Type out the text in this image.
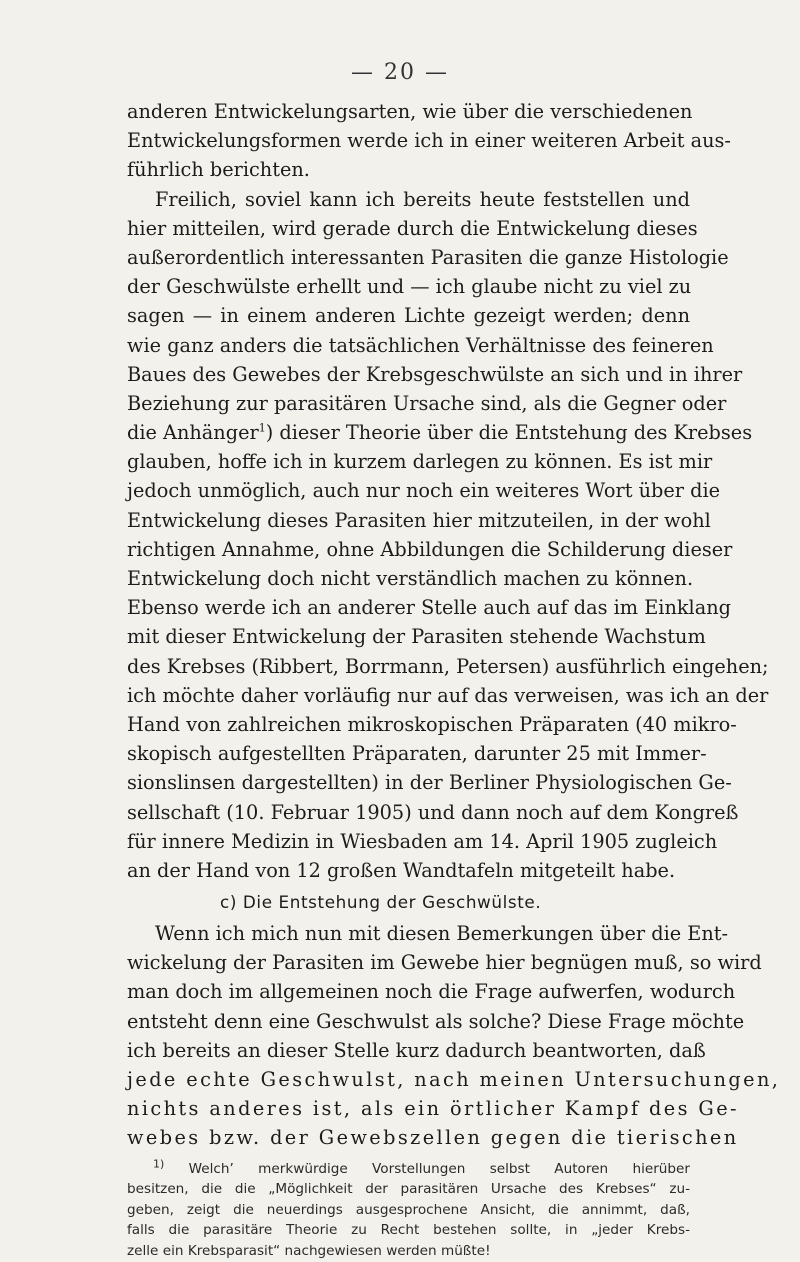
— 20 —
anderen Entwickelungsarten, wie über die verschiedenen
Entwickelungsformen werde ich in einer weiteren Arbeit aus-
führlich berichten.
Freilich, soviel kann ich bereits heute feststellen und
hier mitteilen, wird gerade durch die Entwickelung dieses
außerordentlich interessanten Parasiten die ganze Histologie
der Geschwülste erhellt und — ich glaube nicht zu viel zu
sagen — in einem anderen Lichte gezeigt werden; denn
wie ganz anders die tatsächlichen Verhältnisse des feineren
Baues des Gewebes der Krebsgeschwülste an sich und in ihrer
Beziehung zur parasitären Ursache sind, als die Gegner oder
die Anhänger$^1$) dieser Theorie über die Entstehung des Krebses
glauben, hoffe ich in kurzem darlegen zu können. Es ist mir
jedoch unmöglich, auch nur noch ein weiteres Wort über die
Entwickelung dieses Parasiten hier mitzuteilen, in der wohl
richtigen Annahme, ohne Abbildungen die Schilderung dieser
Entwickelung doch nicht verständlich machen zu können.
Ebenso werde ich an anderer Stelle auch auf das im Einklang
mit dieser Entwickelung der Parasiten stehende Wachstum
des Krebses (Ribbert, Borrmann, Petersen) ausführlich eingehen;
ich möchte daher vorläufig nur auf das verweisen, was ich an der
Hand von zahlreichen mikroskopischen Präparaten (40 mikro-
skopisch aufgestellten Präparaten, darunter 25 mit Immer-
sionslinsen dargestellten) in der Berliner Physiologischen Ge-
sellschaft (10. Februar 1905) und dann noch auf dem Kongreß
für innere Medizin in Wiesbaden am 14. April 1905 zugleich
an der Hand von 12 großen Wandtafeln mitgeteilt habe.
c) Die Entstehung der Geschwülste.
Wenn ich mich nun mit diesen Bemerkungen über die Ent-
wickelung der Parasiten im Gewebe hier begnügen muß, so wird
man doch im allgemeinen noch die Frage aufwerfen, wodurch
entsteht denn eine Geschwulst als solche? Diese Frage möchte
ich bereits an dieser Stelle kurz dadurch beantworten, daß
jede echte Geschwulst, nach meinen Untersuchungen,
nichts anderes ist, als ein örtlicher Kampf des Ge-
webes bzw. der Gewebszellen gegen die tierischen
$^{1)}$ Welch’ merkwürdige Vorstellungen selbst Autoren hierüber
besitzen, die die „Möglichkeit der parasitären Ursache des Krebses“ zu-
geben, zeigt die neuerdings ausgesprochene Ansicht, die annimmt, daß,
falls die parasitäre Theorie zu Recht bestehen sollte, in „jeder Krebs-
zelle ein Krebsparasit“ nachgewiesen werden müßte!
